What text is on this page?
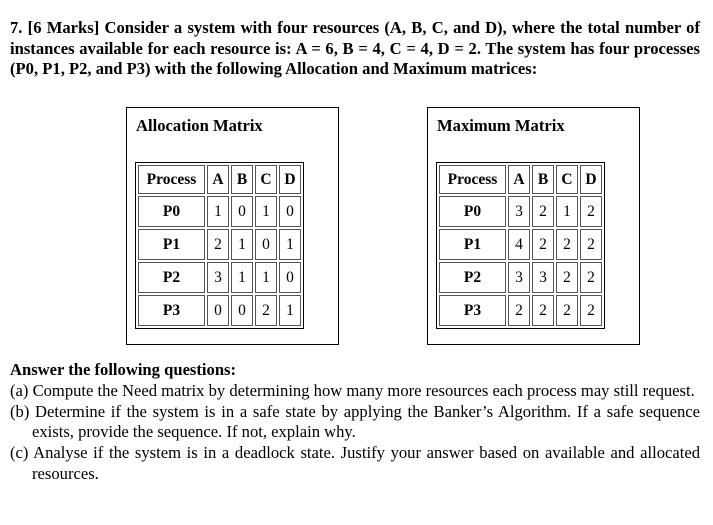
7. [6 Marks] Consider a system with four resources (A, B, C, and D), where the total number of instances available for each resource is: A = 6, B = 4, C = 4, D = 2. The system has four processes (P0, P1, P2, and P3) with the following Allocation and Maximum matrices:
Allocation Matrix
Process	A	B	C	D
P0	1	0	1	0
P1	2	1	0	1
P2	3	1	1	0
P3	0	0	2	1
Maximum Matrix
Process	A	B	C	D
P0	3	2	1	2
P1	4	2	2	2
P2	3	3	2	2
P3	2	2	2	2
Answer the following questions:
(a) Compute the Need matrix by determining how many more resources each process may still request.
(b) Determine if the system is in a safe state by applying the Banker’s Algorithm. If a safe sequence exists, provide the sequence. If not, explain why.
(c) Analyse if the system is in a deadlock state. Justify your answer based on available and allocated resources.
